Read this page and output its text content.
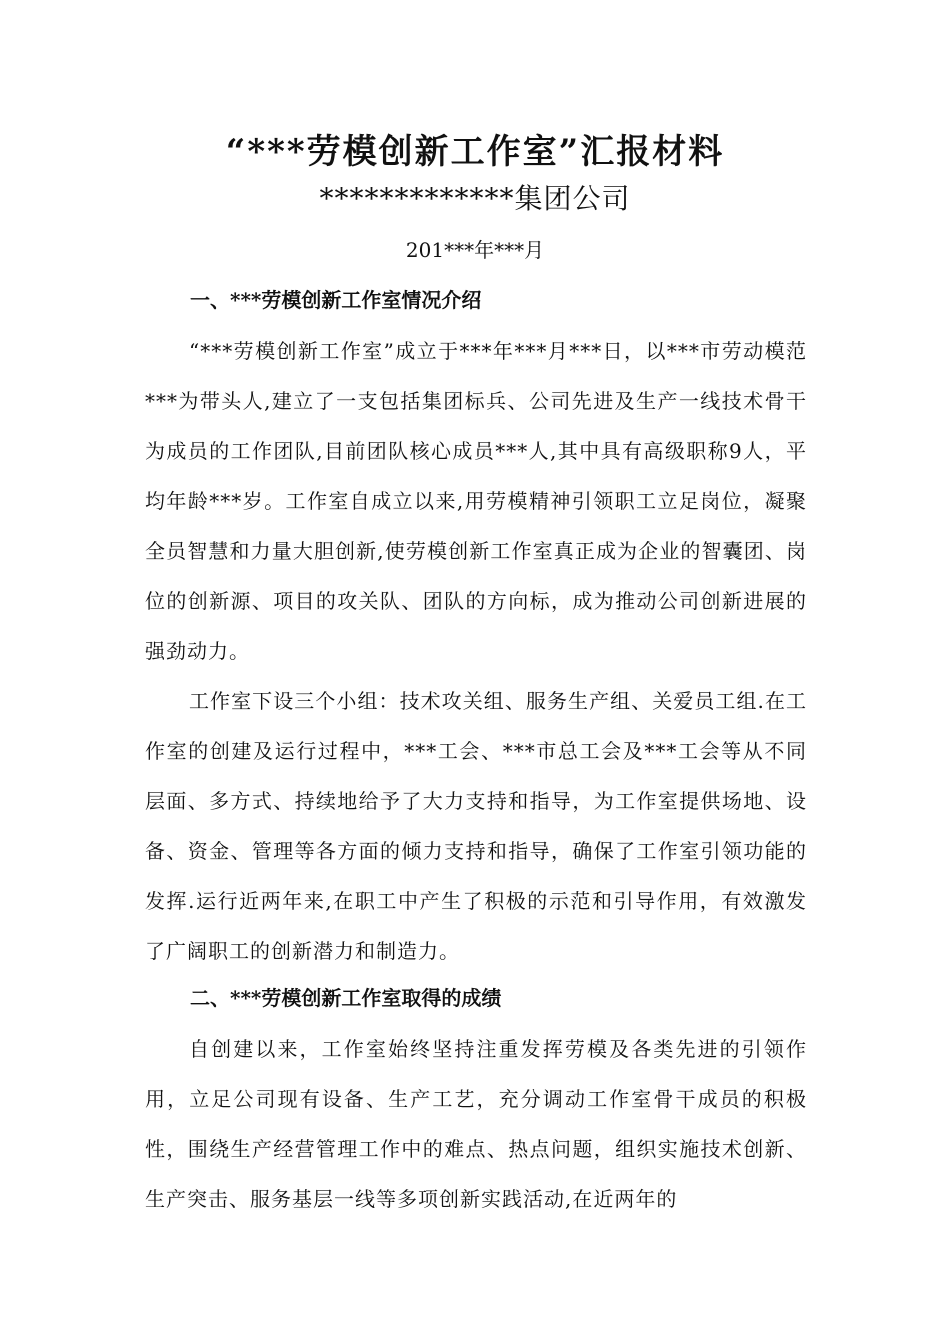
“***劳模创新工作室”汇报材料
*************集团公司
201***年***月
一、***劳模创新工作室情况介绍

“***劳模创新工作室”成立于***年***月***日，以***市劳动模范***为带头人,建立了一支包括集团标兵、公司先进及生产一线技术骨干为成员的工作团队,目前团队核心成员***人,其中具有高级职称9人，平均年龄***岁。工作室自成立以来,用劳模精神引领职工立足岗位，凝聚全员智慧和力量大胆创新,使劳模创新工作室真正成为企业的智囊团、岗位的创新源、项目的攻关队、团队的方向标，成为推动公司创新进展的强劲动力。

工作室下设三个小组：技术攻关组、服务生产组、关爱员工组.在工作室的创建及运行过程中，***工会、***市总工会及***工会等从不同层面、多方式、持续地给予了大力支持和指导，为工作室提供场地、设备、资金、管理等各方面的倾力支持和指导，确保了工作室引领功能的发挥.运行近两年来,在职工中产生了积极的示范和引导作用，有效激发了广阔职工的创新潜力和制造力。

二、***劳模创新工作室取得的成绩

自创建以来，工作室始终坚持注重发挥劳模及各类先进的引领作用，立足公司现有设备、生产工艺，充分调动工作室骨干成员的积极性，围绕生产经营管理工作中的难点、热点问题，组织实施技术创新、生产突击、服务基层一线等多项创新实践活动,在近两年的
